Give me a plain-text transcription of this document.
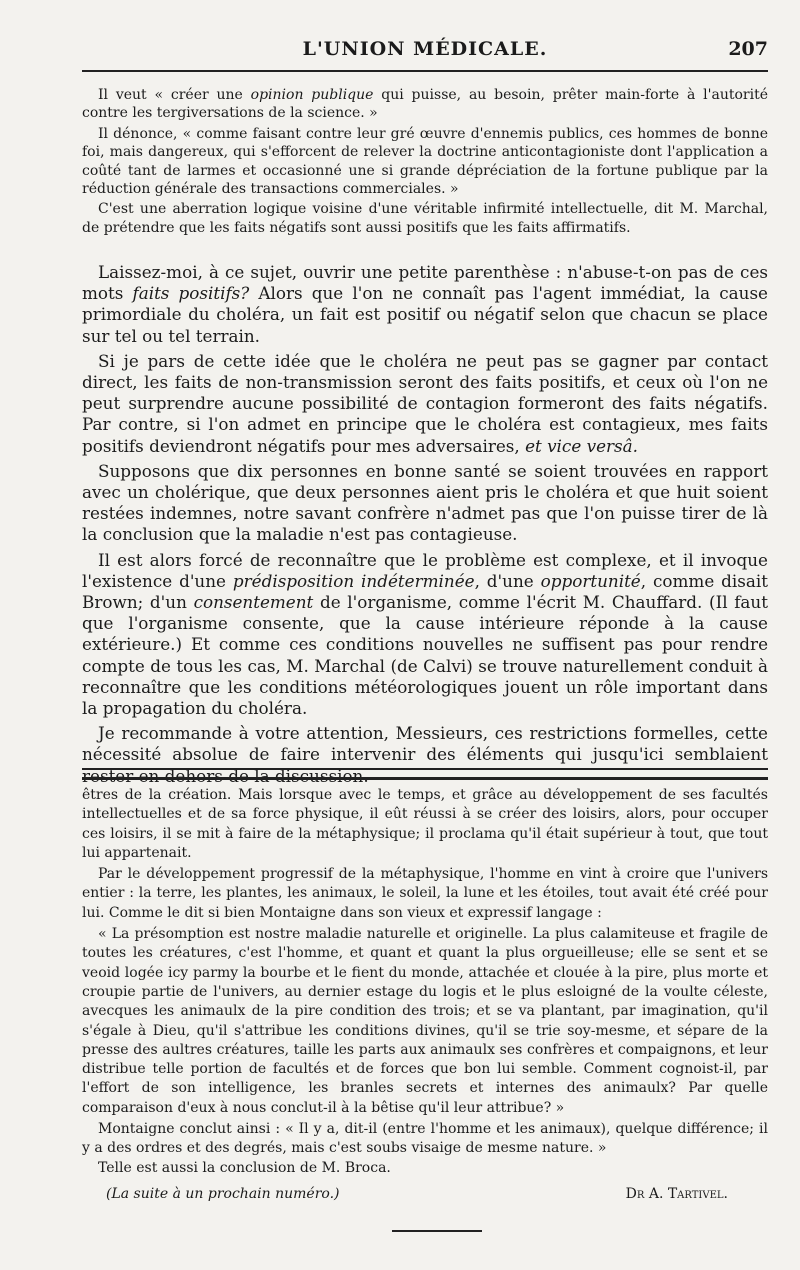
L'UNION MÉDICALE.	207

Il veut « créer une opinion publique qui puisse, au besoin, prêter main-forte à l'autorité contre les tergiversations de la science. »

Il dénonce, « comme faisant contre leur gré œuvre d'ennemis publics, ces hommes de bonne foi, mais dangereux, qui s'efforcent de relever la doctrine anticontagioniste dont l'application a coûté tant de larmes et occasionné une si grande dépréciation de la fortune publique par la réduction générale des transactions commerciales. »

C'est une aberration logique voisine d'une véritable infirmité intellectuelle, dit M. Marchal, de prétendre que les faits négatifs sont aussi positifs que les faits affirmatifs.

Laissez-moi, à ce sujet, ouvrir une petite parenthèse : n'abuse-t-on pas de ces mots faits positifs? Alors que l'on ne connaît pas l'agent immédiat, la cause primordiale du choléra, un fait est positif ou négatif selon que chacun se place sur tel ou tel terrain.

Si je pars de cette idée que le choléra ne peut pas se gagner par contact direct, les faits de non-transmission seront des faits positifs, et ceux où l'on ne peut surprendre aucune possibilité de contagion formeront des faits négatifs. Par contre, si l'on admet en principe que le choléra est contagieux, mes faits positifs deviendront négatifs pour mes adversaires, et vice versâ.

Supposons que dix personnes en bonne santé se soient trouvées en rapport avec un cholérique, que deux personnes aient pris le choléra et que huit soient restées indemnes, notre savant confrère n'admet pas que l'on puisse tirer de là la conclusion que la maladie n'est pas contagieuse.

Il est alors forcé de reconnaître que le problème est complexe, et il invoque l'existence d'une prédisposition indéterminée, d'une opportunité, comme disait Brown; d'un consentement de l'organisme, comme l'écrit M. Chauffard. (Il faut que l'organisme consente, que la cause intérieure réponde à la cause extérieure.) Et comme ces conditions nouvelles ne suffisent pas pour rendre compte de tous les cas, M. Marchal (de Calvi) se trouve naturellement conduit à reconnaître que les conditions météorologiques jouent un rôle important dans la propagation du choléra.

Je recommande à votre attention, Messieurs, ces restrictions formelles, cette nécessité absolue de faire intervenir des éléments qui jusqu'ici semblaient rester en dehors de la discussion.

êtres de la création. Mais lorsque avec le temps, et grâce au développement de ses facultés intellectuelles et de sa force physique, il eût réussi à se créer des loisirs, alors, pour occuper ces loisirs, il se mit à faire de la métaphysique; il proclama qu'il était supérieur à tout, que tout lui appartenait.

Par le développement progressif de la métaphysique, l'homme en vint à croire que l'univers entier : la terre, les plantes, les animaux, le soleil, la lune et les étoiles, tout avait été créé pour lui. Comme le dit si bien Montaigne dans son vieux et expressif langage :

« La présomption est nostre maladie naturelle et originelle. La plus calamiteuse et fragile de toutes les créatures, c'est l'homme, et quant et quant la plus orgueilleuse; elle se sent et se veoid logée icy parmy la bourbe et le fient du monde, attachée et clouée à la pire, plus morte et croupie partie de l'univers, au dernier estage du logis et le plus esloigné de la voulte céleste, avecques les animaulx de la pire condition des trois; et se va plantant, par imagination, qu'il s'égale à Dieu, qu'il s'attribue les conditions divines, qu'il se trie soy-mesme, et sépare de la presse des aultres créatures, taille les parts aux animaulx ses confrères et compaignons, et leur distribue telle portion de facultés et de forces que bon lui semble. Comment cognoist-il, par l'effort de son intelligence, les branles secrets et internes des animaulx? Par quelle comparaison d'eux à nous conclut-il à la bêtise qu'il leur attribue? »

Montaigne conclut ainsi : « Il y a, dit-il (entre l'homme et les animaux), quelque différence; il y a des ordres et des degrés, mais c'est soubs visaige de mesme nature. »

Telle est aussi la conclusion de M. Broca.

(La suite à un prochain numéro.)	Dr A. Tartivel.
